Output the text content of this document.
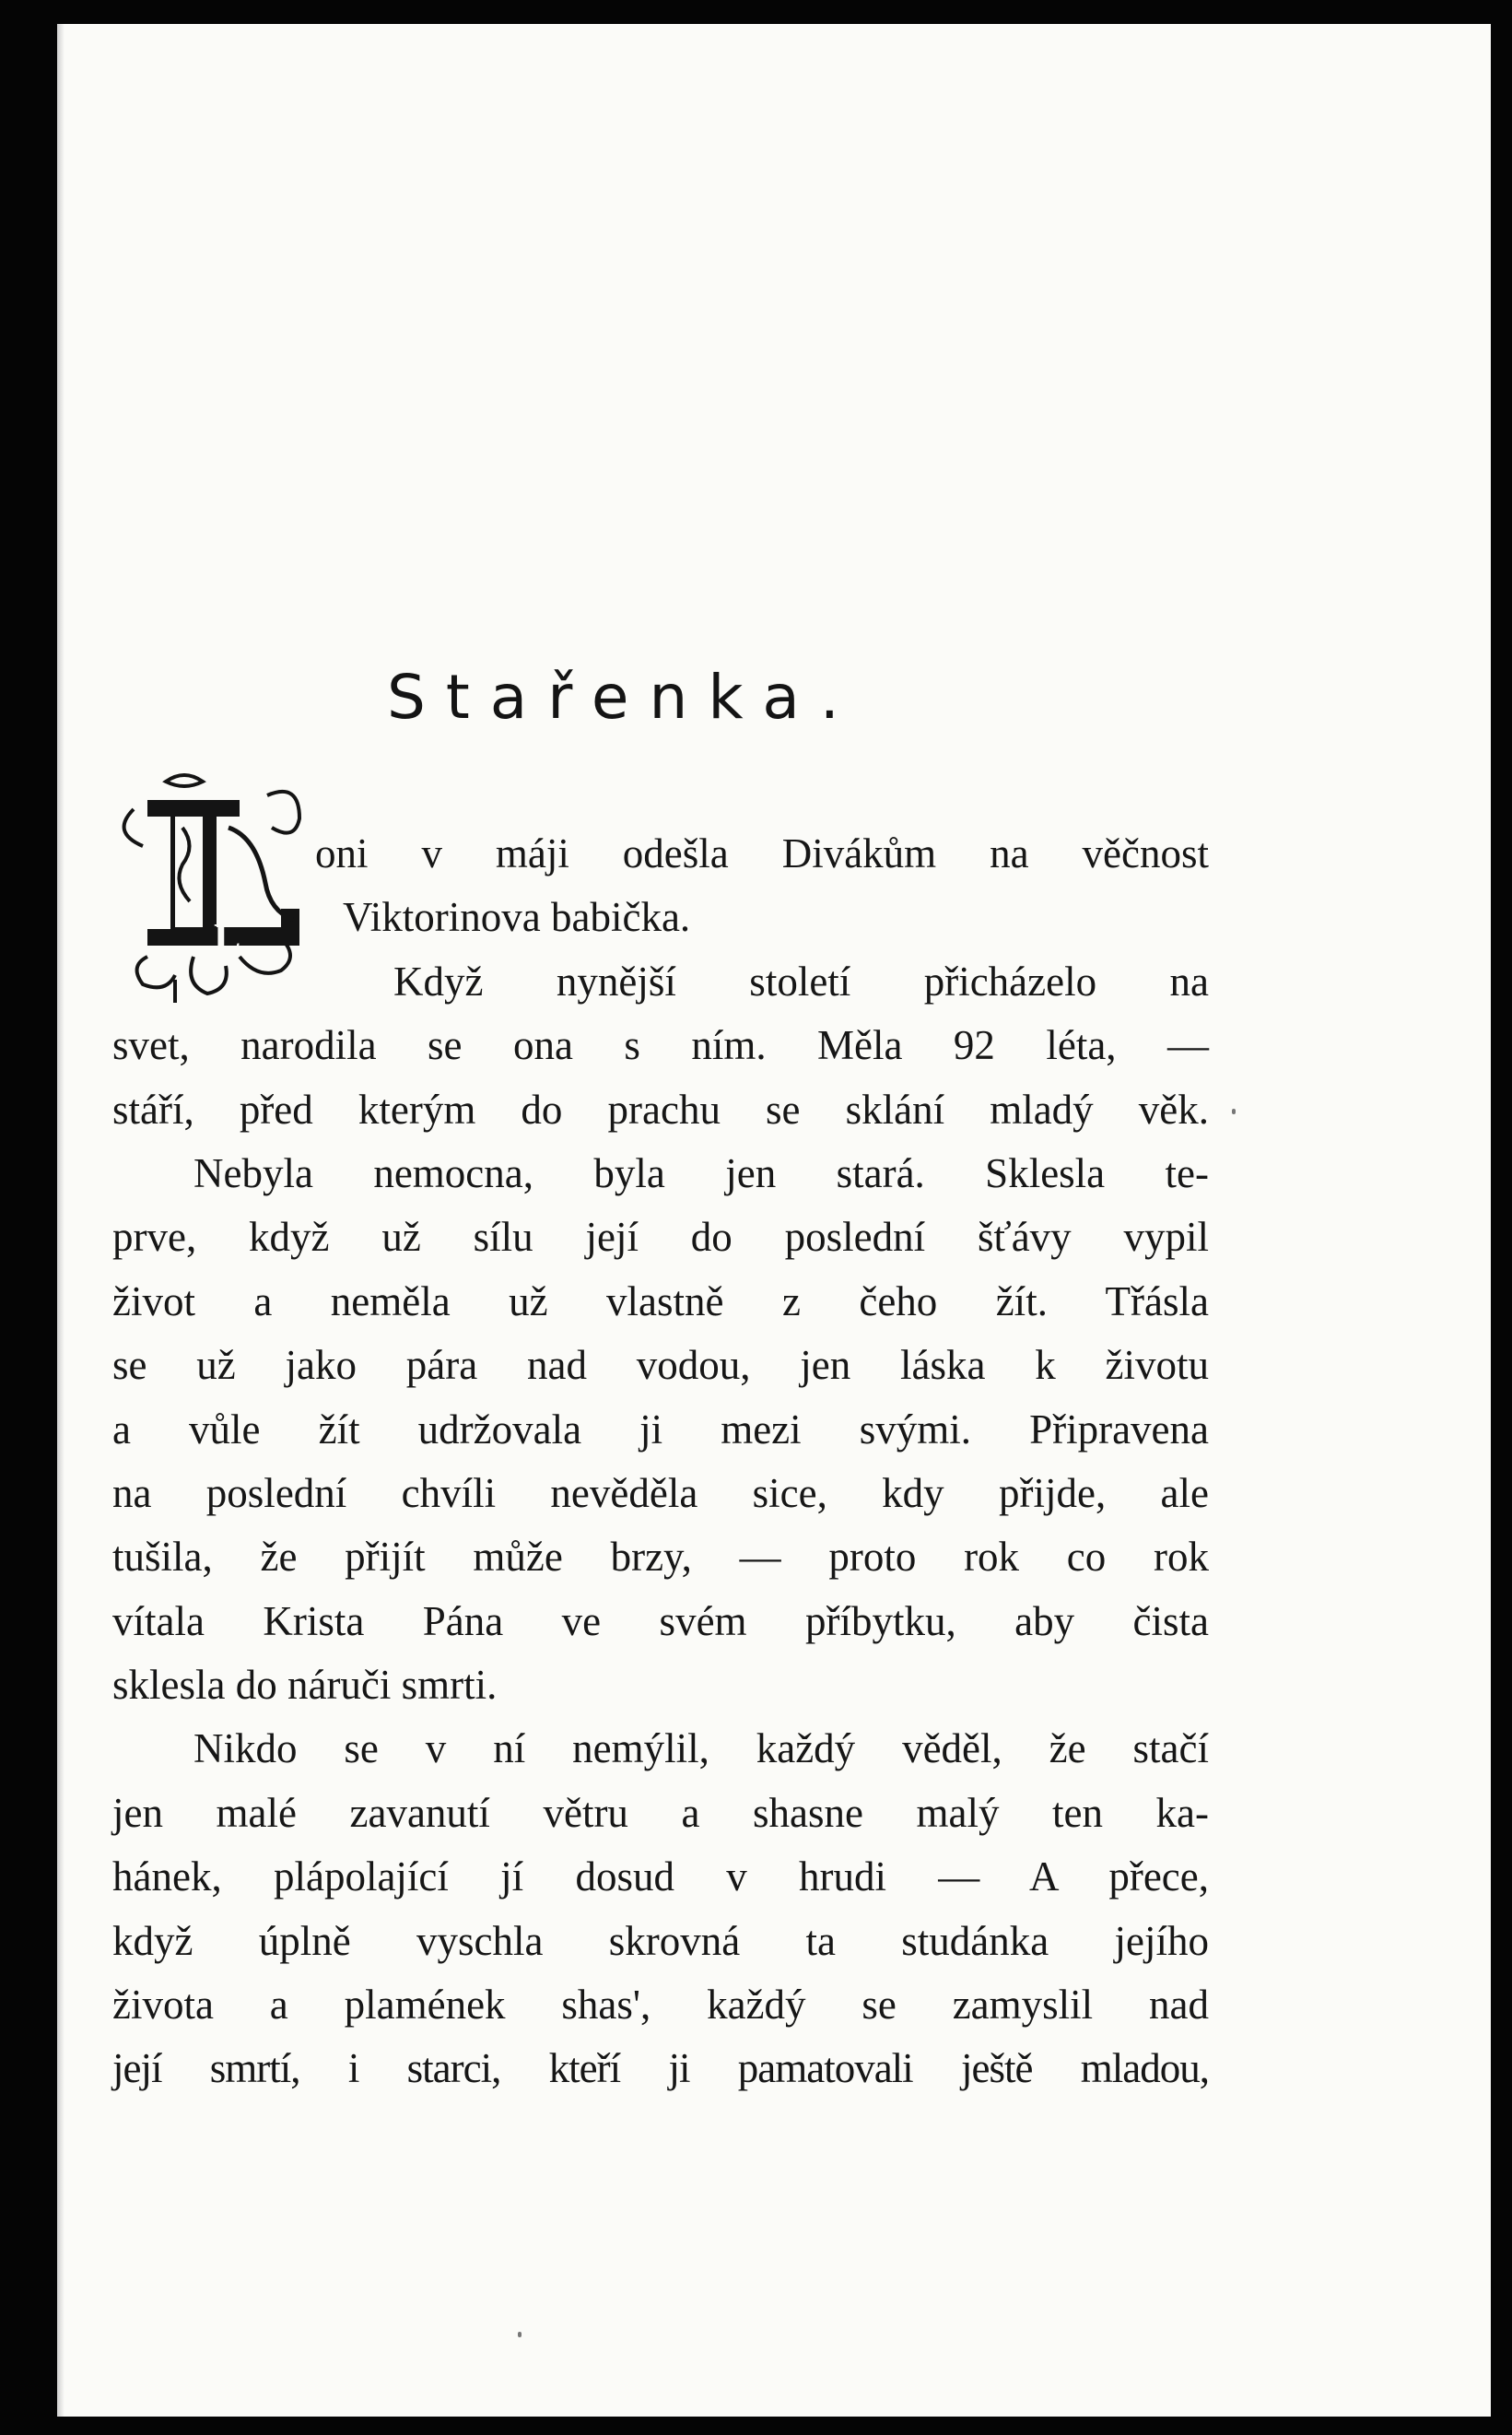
Stařenka.
L
oni v máji odešla Divákům na věčnost
Viktorinova babička.
Když nynější století přicházelo na
svet, narodila se ona s ním. Měla 92 léta, —
stáří, před kterým do prachu se sklání mladý věk.
Nebyla nemocna, byla jen stará. Sklesla te-
prve, když už sílu její do poslední šťávy vypil
život a neměla už vlastně z čeho žít. Třásla
se už jako pára nad vodou, jen láska k životu
a vůle žít udržovala ji mezi svými. Připravena
na poslední chvíli nevěděla sice, kdy přijde, ale
tušila, že přijít může brzy, — proto rok co rok
vítala Krista Pána ve svém příbytku, aby čista
sklesla do náruči smrti.
Nikdo se v ní nemýlil, každý věděl, že stačí
jen malé zavanutí větru a shasne malý ten ka-
hánek, plápolající jí dosud v hrudi — A přece,
když úplně vyschla skrovná ta studánka jejího
života a plamének shas', každý se zamyslil nad
její smrtí, i starci, kteří ji pamatovali ještě mladou,
